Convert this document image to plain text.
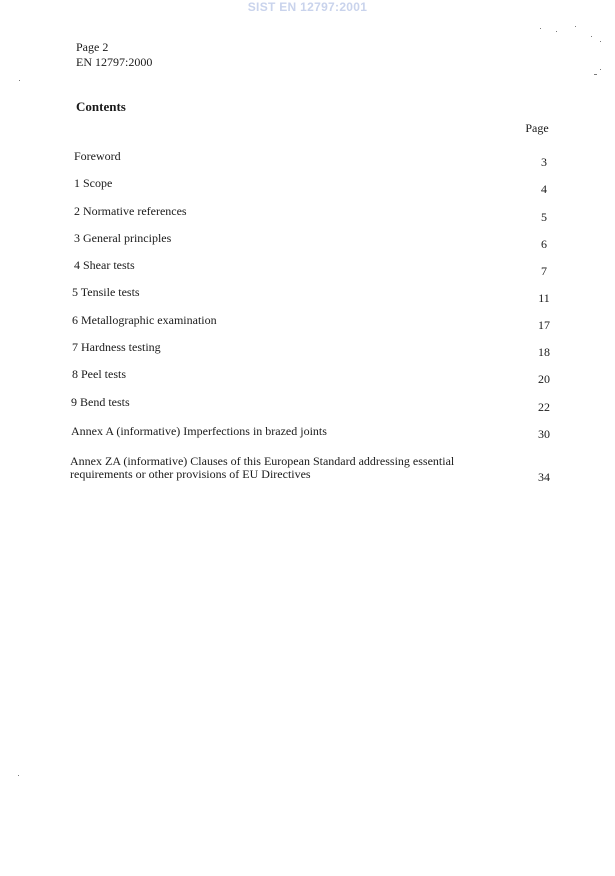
SIST EN 12797:2001
Page 2
EN 12797:2000
Contents
Page
Foreword	3
1 Scope	4
2 Normative references	5
3 General principles	6
4 Shear tests	7
5 Tensile tests	11
6 Metallographic examination	17
7 Hardness testing	18
8 Peel tests	20
9 Bend tests	22
Annex A (informative) Imperfections in brazed joints	30
Annex ZA (informative) Clauses of this European Standard addressing essential
requirements or other provisions of EU Directives	34
